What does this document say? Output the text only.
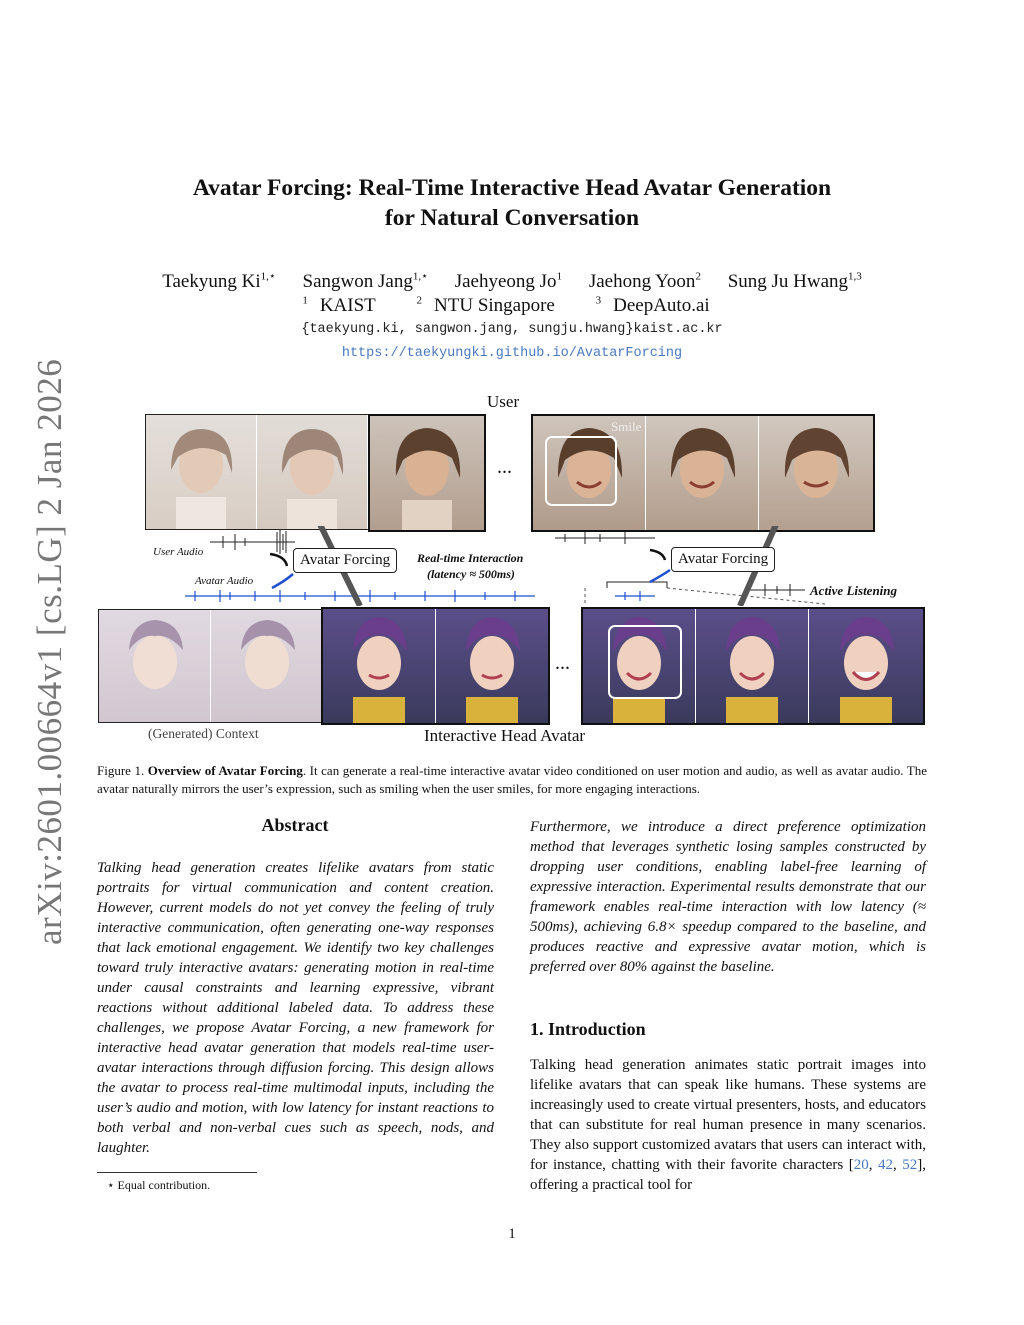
arXiv:2601.00664v1 [cs.LG] 2 Jan 2026
Avatar Forcing: Real-Time Interactive Head Avatar Generation
for Natural Conversation
Taekyung $Ki^{1,⋆}$ Sangwon Jang$^{1,⋆}$ Jaehyeong Jo$^1$ Jaehong Yoon$^2$ Sung Ju Hwang$^{1,3}$
$^1$ KAIST	$^2$ NTU Singapore	$^3$ DeepAuto.ai
{taekyung.ki, sangwon.jang, sungju.hwang}kaist.ac.kr
https://taekyungki.github.io/AvatarForcing
User
...
Smile
User Audio
Avatar Audio
Avatar Forcing	Avatar Forcing
Real-time Interaction
(latency ≈ 500ms)
Active Listening
...
(Generated) Context	Interactive Head Avatar
Figure 1. Overview of Avatar Forcing. It can generate a real-time interactive avatar video conditioned on user motion and audio, as well as avatar audio. The avatar naturally mirrors the user’s expression, such as smiling when the user smiles, for more engaging interactions.
Abstract
Talking head generation creates lifelike avatars from static portraits for virtual communication and content creation. However, current models do not yet convey the feeling of truly interactive communication, often generating one-way responses that lack emotional engagement. We identify two key challenges toward truly interactive avatars: generating motion in real-time under causal constraints and learning expressive, vibrant reactions without additional labeled data. To address these challenges, we propose Avatar Forcing, a new framework for interactive head avatar generation that models real-time user-avatar interactions through diffusion forcing. This design allows the avatar to process real-time multimodal inputs, including the user’s audio and motion, with low latency for instant reactions to both verbal and non-verbal cues such as speech, nods, and laughter.
Furthermore, we introduce a direct preference optimization method that leverages synthetic losing samples constructed by dropping user conditions, enabling label-free learning of expressive interaction. Experimental results demonstrate that our framework enables real-time interaction with low latency (≈ 500ms), achieving 6.8× speedup compared to the baseline, and produces reactive and expressive avatar motion, which is preferred over 80% against the baseline.
1. Introduction
Talking head generation animates static portrait images into lifelike avatars that can speak like humans. These systems are increasingly used to create virtual presenters, hosts, and educators that can substitute for real human presence in many scenarios. They also support customized avatars that users can interact with, for instance, chatting with their favorite characters [20, 42, 52], offering a practical tool for
⋆ Equal contribution.
1
